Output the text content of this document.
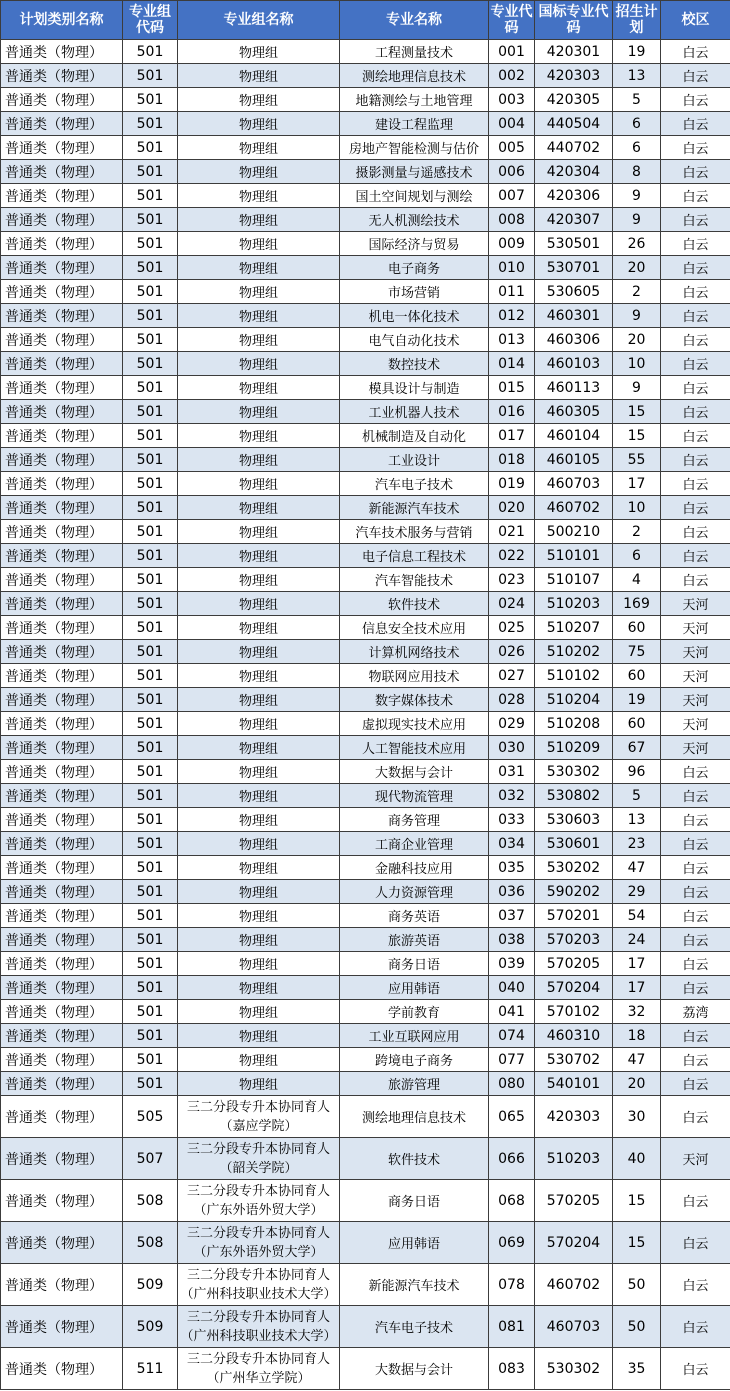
计划类别名称	专业组代码	专业组名称	专业名称	专业代码	国标专业代码	招生计划	校区
普通类（物理）	501	物理组	工程测量技术	001	420301	19	白云
普通类（物理）	501	物理组	测绘地理信息技术	002	420303	13	白云
普通类（物理）	501	物理组	地籍测绘与土地管理	003	420305	5	白云
普通类（物理）	501	物理组	建设工程监理	004	440504	6	白云
普通类（物理）	501	物理组	房地产智能检测与估价	005	440702	6	白云
普通类（物理）	501	物理组	摄影测量与遥感技术	006	420304	8	白云
普通类（物理）	501	物理组	国土空间规划与测绘	007	420306	9	白云
普通类（物理）	501	物理组	无人机测绘技术	008	420307	9	白云
普通类（物理）	501	物理组	国际经济与贸易	009	530501	26	白云
普通类（物理）	501	物理组	电子商务	010	530701	20	白云
普通类（物理）	501	物理组	市场营销	011	530605	2	白云
普通类（物理）	501	物理组	机电一体化技术	012	460301	9	白云
普通类（物理）	501	物理组	电气自动化技术	013	460306	20	白云
普通类（物理）	501	物理组	数控技术	014	460103	10	白云
普通类（物理）	501	物理组	模具设计与制造	015	460113	9	白云
普通类（物理）	501	物理组	工业机器人技术	016	460305	15	白云
普通类（物理）	501	物理组	机械制造及自动化	017	460104	15	白云
普通类（物理）	501	物理组	工业设计	018	460105	55	白云
普通类（物理）	501	物理组	汽车电子技术	019	460703	17	白云
普通类（物理）	501	物理组	新能源汽车技术	020	460702	10	白云
普通类（物理）	501	物理组	汽车技术服务与营销	021	500210	2	白云
普通类（物理）	501	物理组	电子信息工程技术	022	510101	6	白云
普通类（物理）	501	物理组	汽车智能技术	023	510107	4	白云
普通类（物理）	501	物理组	软件技术	024	510203	169	天河
普通类（物理）	501	物理组	信息安全技术应用	025	510207	60	天河
普通类（物理）	501	物理组	计算机网络技术	026	510202	75	天河
普通类（物理）	501	物理组	物联网应用技术	027	510102	60	天河
普通类（物理）	501	物理组	数字媒体技术	028	510204	19	天河
普通类（物理）	501	物理组	虚拟现实技术应用	029	510208	60	天河
普通类（物理）	501	物理组	人工智能技术应用	030	510209	67	天河
普通类（物理）	501	物理组	大数据与会计	031	530302	96	白云
普通类（物理）	501	物理组	现代物流管理	032	530802	5	白云
普通类（物理）	501	物理组	商务管理	033	530603	13	白云
普通类（物理）	501	物理组	工商企业管理	034	530601	23	白云
普通类（物理）	501	物理组	金融科技应用	035	530202	47	白云
普通类（物理）	501	物理组	人力资源管理	036	590202	29	白云
普通类（物理）	501	物理组	商务英语	037	570201	54	白云
普通类（物理）	501	物理组	旅游英语	038	570203	24	白云
普通类（物理）	501	物理组	商务日语	039	570205	17	白云
普通类（物理）	501	物理组	应用韩语	040	570204	17	白云
普通类（物理）	501	物理组	学前教育	041	570102	32	荔湾
普通类（物理）	501	物理组	工业互联网应用	074	460310	18	白云
普通类（物理）	501	物理组	跨境电子商务	077	530702	47	白云
普通类（物理）	501	物理组	旅游管理	080	540101	20	白云
普通类（物理）	505	三二分段专升本协同育人（嘉应学院）	测绘地理信息技术	065	420303	30	白云
普通类（物理）	507	三二分段专升本协同育人（韶关学院）	软件技术	066	510203	40	天河
普通类（物理）	508	三二分段专升本协同育人（广东外语外贸大学）	商务日语	068	570205	15	白云
普通类（物理）	508	三二分段专升本协同育人（广东外语外贸大学）	应用韩语	069	570204	15	白云
普通类（物理）	509	三二分段专升本协同育人（广州科技职业技术大学）	新能源汽车技术	078	460702	50	白云
普通类（物理）	509	三二分段专升本协同育人（广州科技职业技术大学）	汽车电子技术	081	460703	50	白云
普通类（物理）	511	三二分段专升本协同育人（广州华立学院）	大数据与会计	083	530302	35	白云
